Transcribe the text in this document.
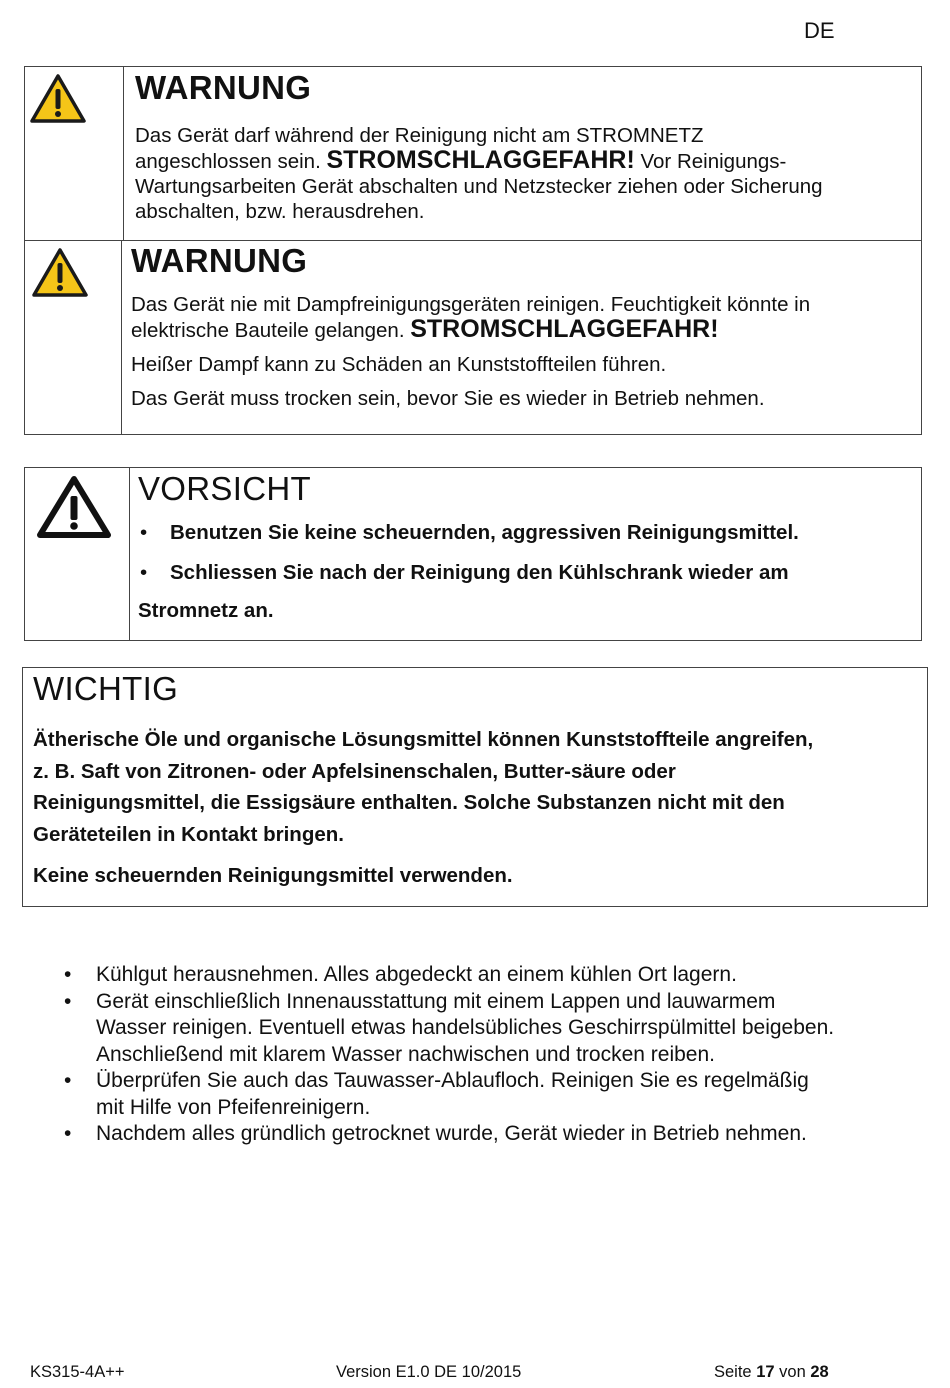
DE
WARNUNG

Das Gerät darf während der Reinigung nicht am STROMNETZ

angeschlossen sein. STROMSCHLAGGEFAHR! Vor Reinigungs-

Wartungsarbeiten Gerät abschalten und Netzstecker ziehen oder Sicherung

abschalten, bzw. herausdrehen.

WARNUNG

Das Gerät nie mit Dampfreinigungsgeräten reinigen. Feuchtigkeit könnte in

elektrische Bauteile gelangen. STROMSCHLAGGEFAHR!

Heißer Dampf kann zu Schäden an Kunststoffteilen führen.

Das Gerät muss trocken sein, bevor Sie es wieder in Betrieb nehmen.

VORSICHT

• Benutzen Sie keine scheuernden, aggressiven Reinigungsmittel.

• Schliessen Sie nach der Reinigung den Kühlschrank wieder am

Stromnetz an.

WICHTIG

Ätherische Öle und organische Lösungsmittel können Kunststoffteile angreifen,

z. B. Saft von Zitronen- oder Apfelsinenschalen, Butter-säure oder

Reinigungsmittel, die Essigsäure enthalten. Solche Substanzen nicht mit den

Geräteteilen in Kontakt bringen.

Keine scheuernden Reinigungsmittel verwenden.

• Kühlgut herausnehmen. Alles abgedeckt an einem kühlen Ort lagern.
• Gerät einschließlich Innenausstattung mit einem Lappen und lauwarmem
Wasser reinigen. Eventuell etwas handelsübliches Geschirrspülmittel beigeben.
Anschließend mit klarem Wasser nachwischen und trocken reiben.
• Überprüfen Sie auch das Tauwasser-Ablaufloch. Reinigen Sie es regelmäßig
mit Hilfe von Pfeifenreinigern.
• Nachdem alles gründlich getrocknet wurde, Gerät wieder in Betrieb nehmen.
KS315-4A++	Version E1.0 DE 10/2015	Seite 17 von 28
